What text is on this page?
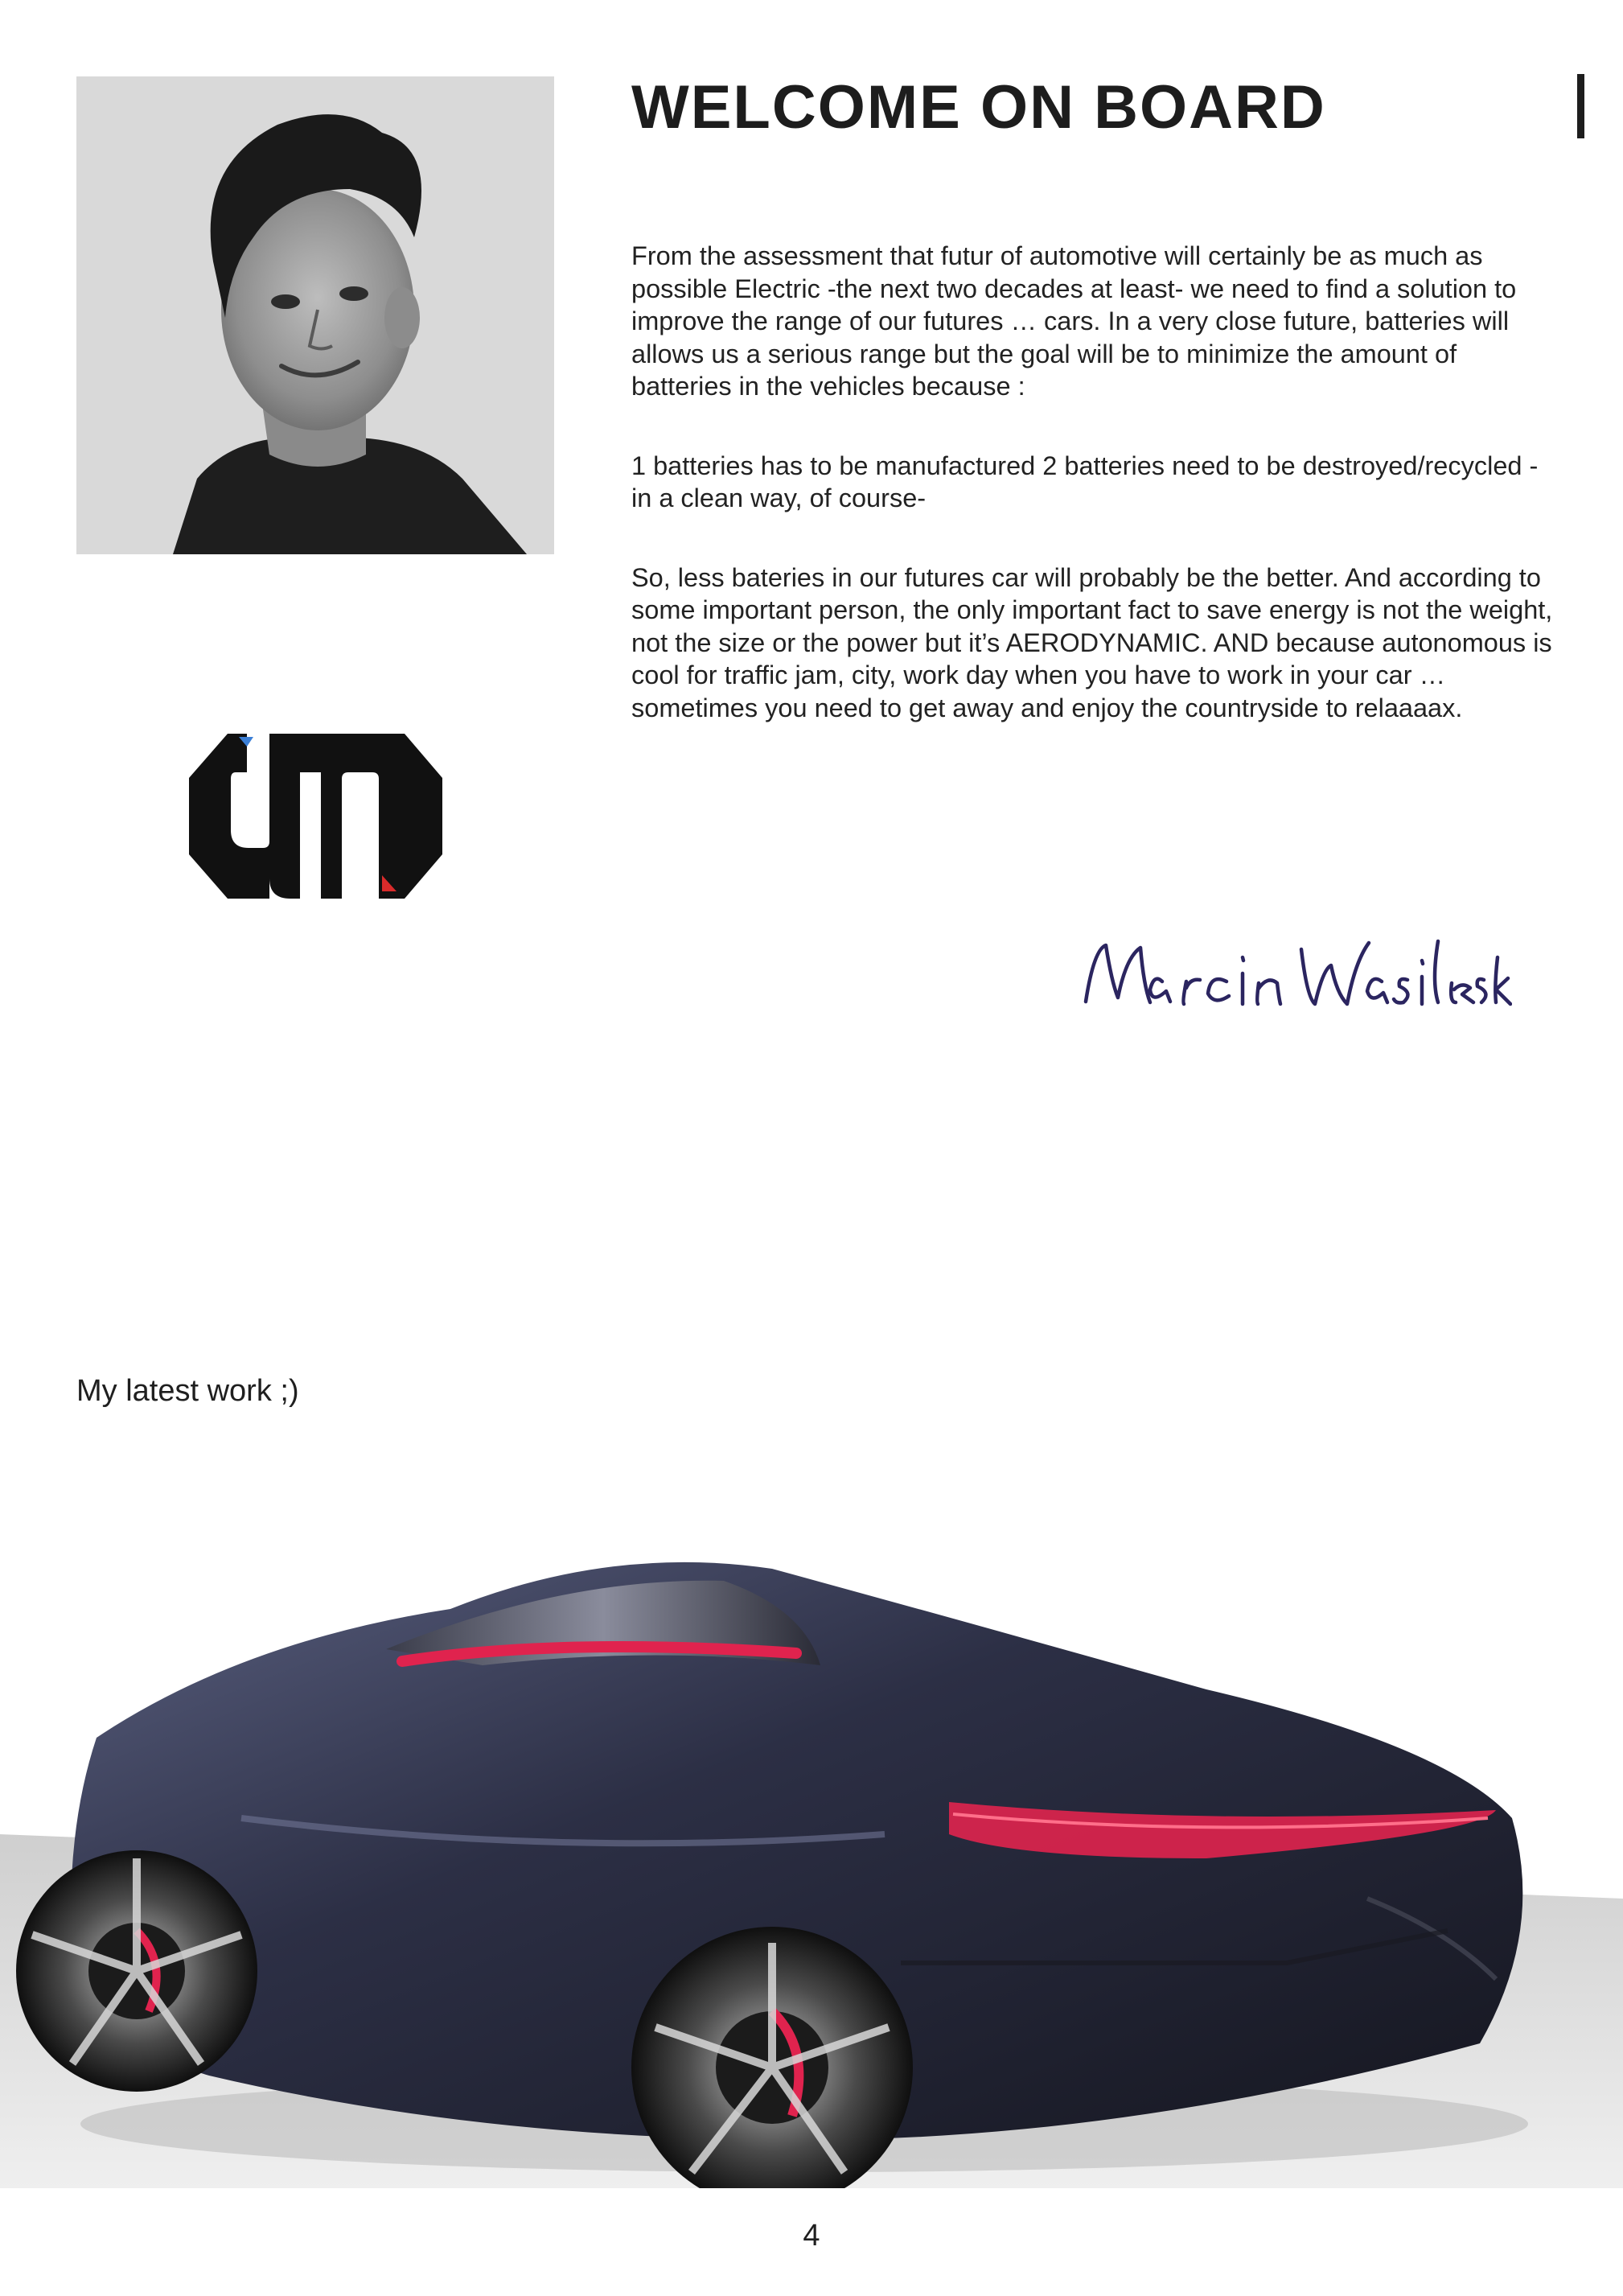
WELCOME ON BOARD

From the assessment that futur of automotive will certainly be as much as possible Electric -the next two decades at least- we need to find a solution to improve the range of our futures … cars. In a very close future, batteries will allows us a serious range but the goal will be to minimize the amount of batteries in the vehicles because :

1 batteries has to be manufactured 2 batteries need to be destroyed/recycled -in a clean way, of course-

So, less bateries in our futures car will probably be the better. And according to some important person, the only important fact to save energy is not the weight, not the size or the power but it’s AERODYNAMIC. AND because autonomous is cool for traffic jam, city, work day when you have to work in your car … sometimes you need to get away and enjoy the countryside to relaaaax.

My latest work ;)
4
